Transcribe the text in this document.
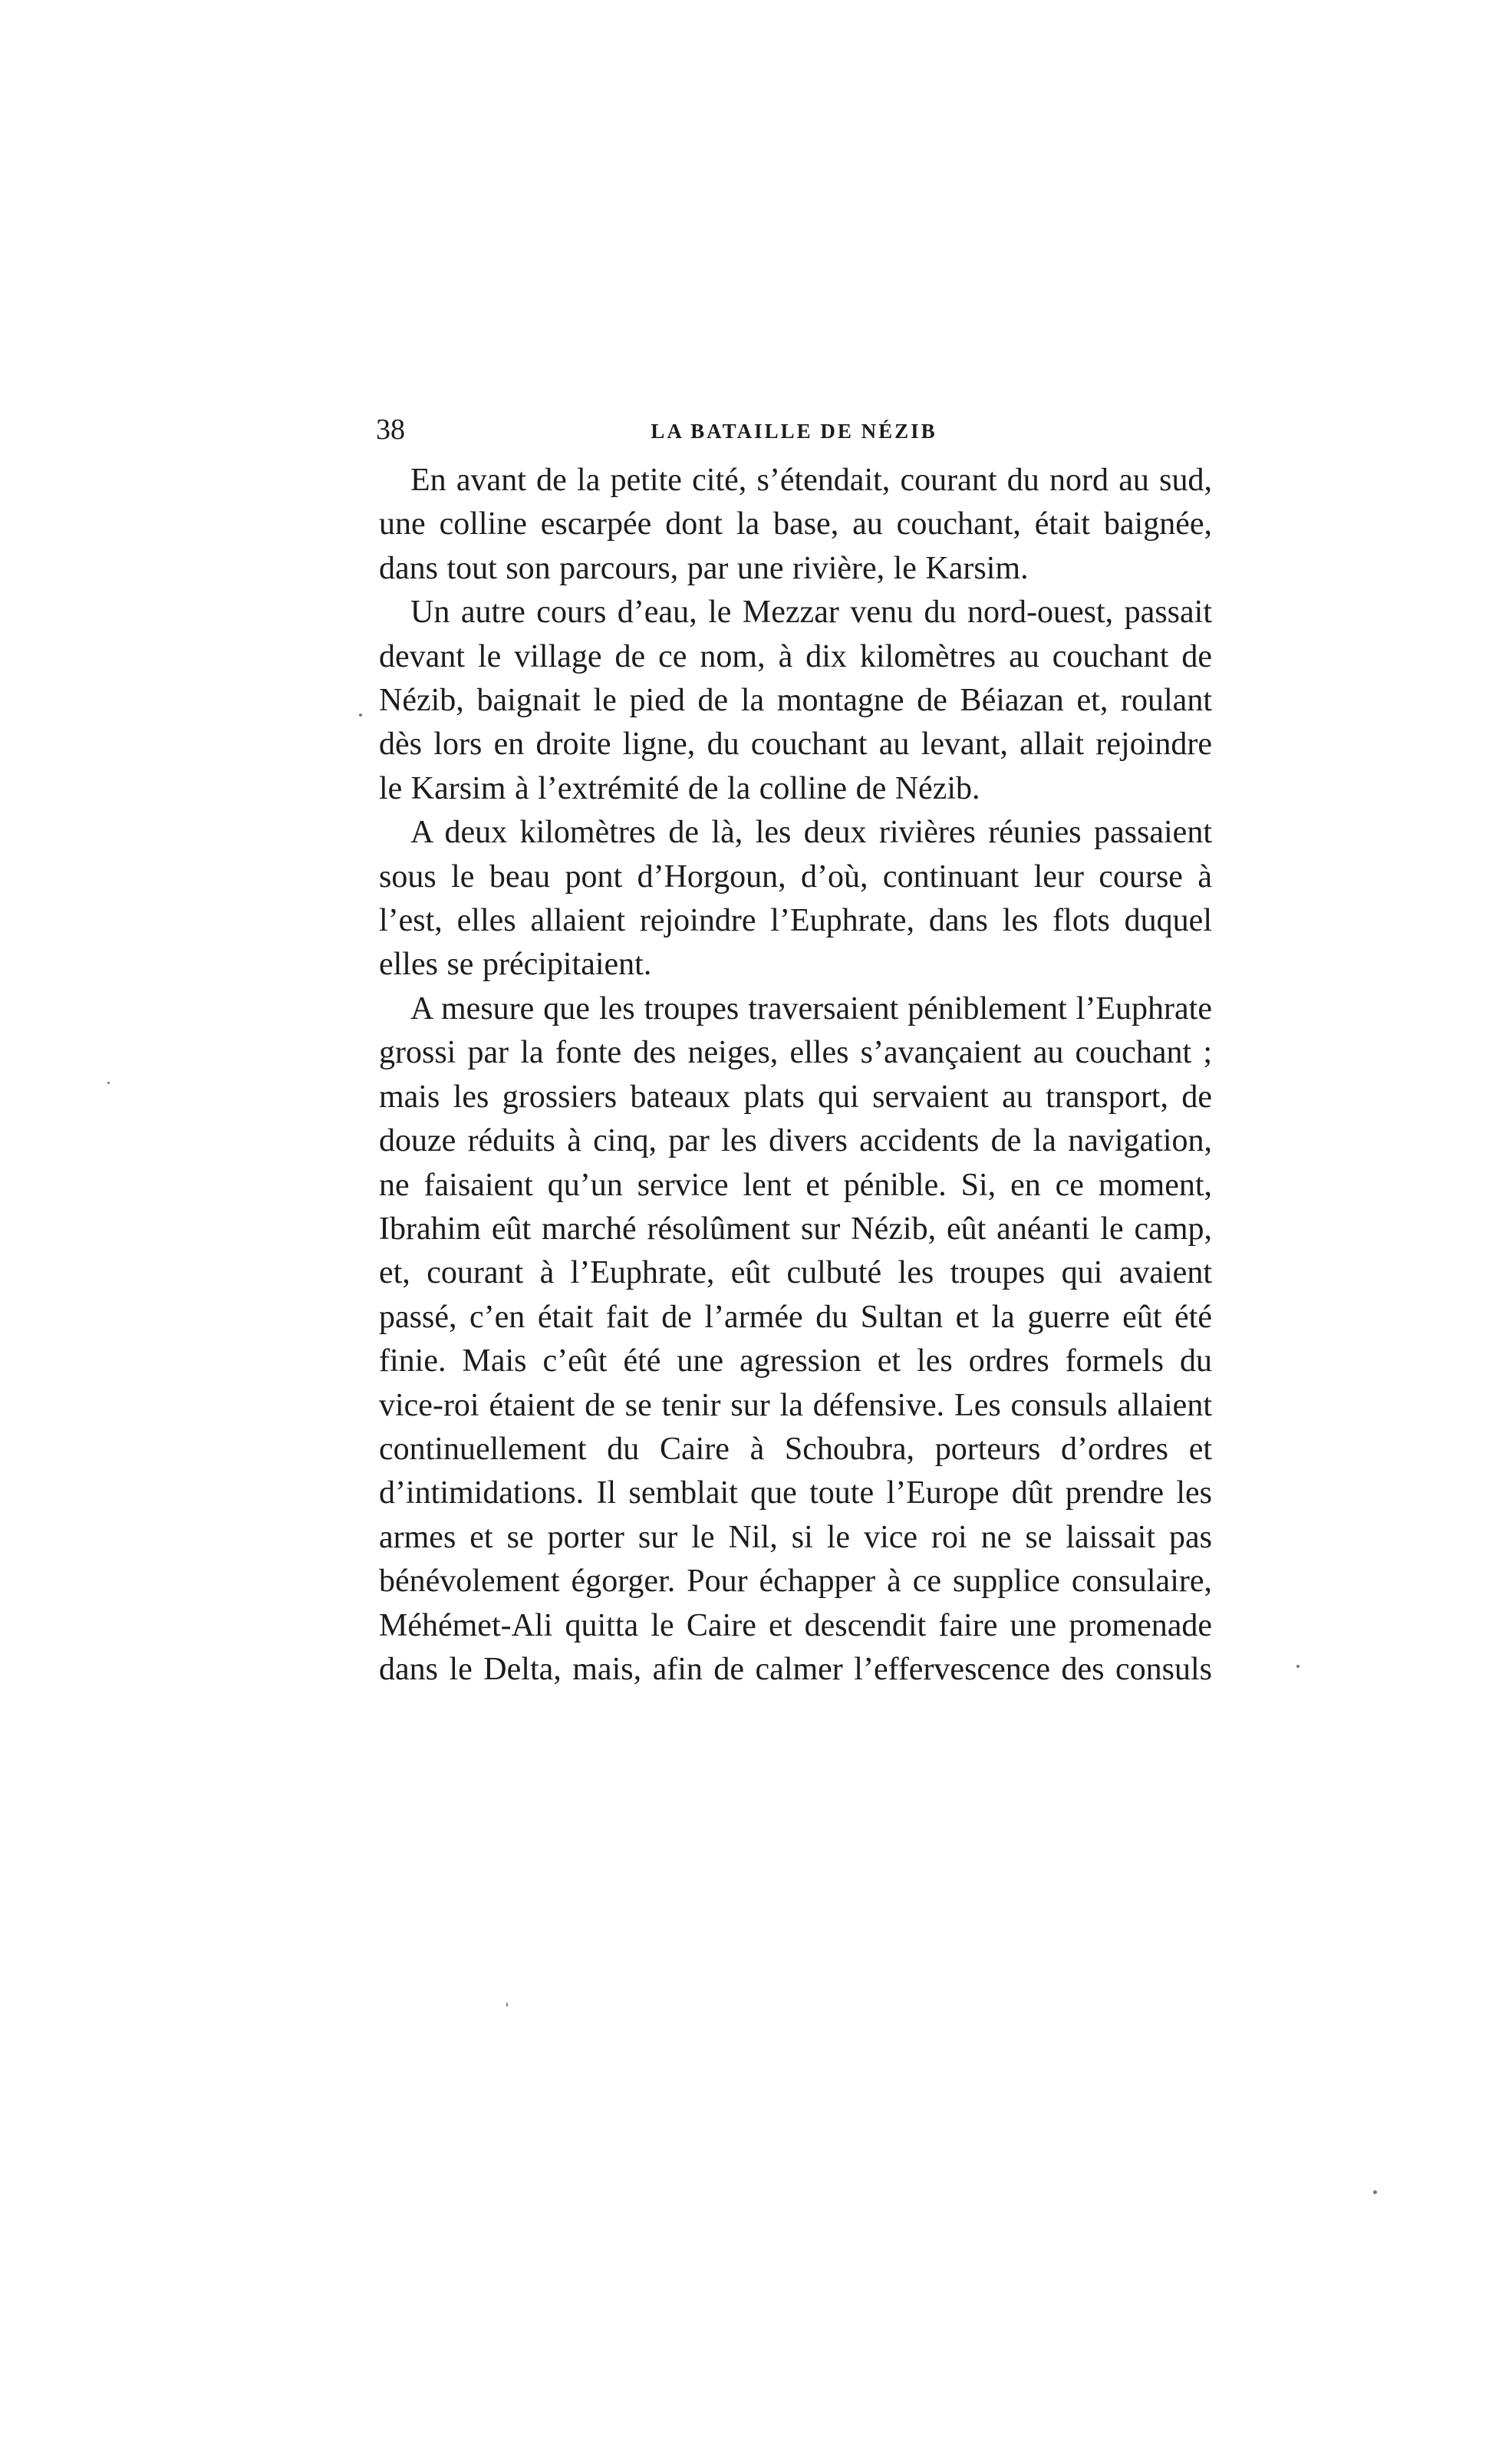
38	LA BATAILLE DE NÉZIB

En avant de la petite cité, s’étendait, courant du nord au sud, une colline escarpée dont la base, au couchant, était baignée, dans tout son parcours, par une rivière, le Karsim.

Un autre cours d’eau, le Mezzar venu du nord-ouest, passait devant le village de ce nom, à dix kilomètres au couchant de Nézib, baignait le pied de la montagne de Béiazan et, roulant dès lors en droite ligne, du couchant au levant, allait rejoindre le Karsim à l’extrémité de la colline de Nézib.

A deux kilomètres de là, les deux rivières réunies passaient sous le beau pont d’Horgoun, d’où, continuant leur course à l’est, elles allaient rejoindre l’Euphrate, dans les flots duquel elles se précipitaient.

A mesure que les troupes traversaient péniblement l’Euphrate grossi par la fonte des neiges, elles s’avançaient au couchant ; mais les grossiers bateaux plats qui servaient au transport, de douze réduits à cinq, par les divers accidents de la navigation, ne faisaient qu’un service lent et pénible. Si, en ce moment, Ibrahim eût marché résolûment sur Nézib, eût anéanti le camp, et, courant à l’Euphrate, eût culbuté les troupes qui avaient passé, c’en était fait de l’armée du Sultan et la guerre eût été finie. Mais c’eût été une agression et les ordres formels du vice-roi étaient de se tenir sur la défensive. Les consuls allaient continuellement du Caire à Schoubra, porteurs d’ordres et d’intimidations. Il semblait que toute l’Europe dût prendre les armes et se porter sur le Nil, si le vice roi ne se laissait pas bénévolement égorger. Pour échapper à ce supplice consulaire, Méhémet-Ali quitta le Caire et descendit faire une promenade dans le Delta, mais, afin de calmer l’effervescence des consuls
